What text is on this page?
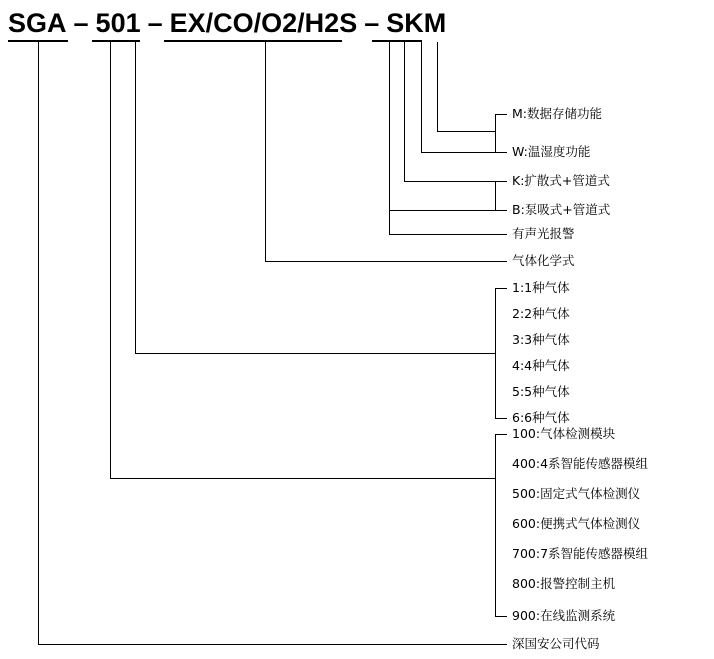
SGA – 501 – EX/CO/O2/H2S – SKM
M:数据存储功能
W:温湿度功能
K:扩散式+管道式
B:泵吸式+管道式
有声光报警
气体化学式
1:1种气体
2:2种气体
3:3种气体
4:4种气体
5:5种气体
6:6种气体
100:气体检测模块
400:4系智能传感器模组
500:固定式气体检测仪
600:便携式气体检测仪
700:7系智能传感器模组
800:报警控制主机
900:在线监测系统
深国安公司代码
